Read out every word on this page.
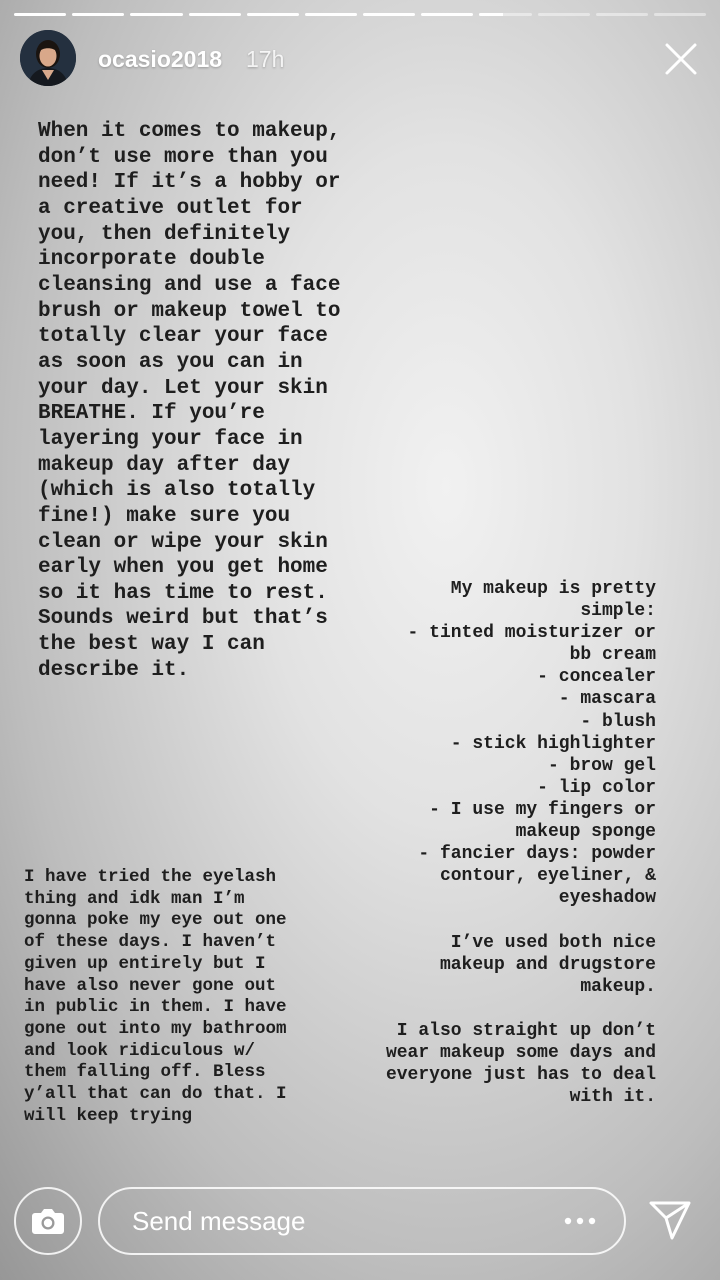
ocasio2018 17h
When it comes to makeup,
don’t use more than you
need! If it’s a hobby or
a creative outlet for
you, then definitely
incorporate double
cleansing and use a face
brush or makeup towel to
totally clear your face
as soon as you can in
your day. Let your skin
BREATHE. If you’re
layering your face in
makeup day after day
(which is also totally
fine!) make sure you
clean or wipe your skin
early when you get home
so it has time to rest.
Sounds weird but that’s
the best way I can
describe it.
My makeup is pretty
simple:
- tinted moisturizer or
bb cream
- concealer
- mascara
- blush
- stick highlighter
- brow gel
- lip color
- I use my fingers or
makeup sponge
- fancier days: powder
contour, eyeliner, &
eyeshadow

I’ve used both nice
makeup and drugstore
makeup.

I also straight up don’t
wear makeup some days and
everyone just has to deal
with it.
I have tried the eyelash
thing and idk man I’m
gonna poke my eye out one
of these days. I haven’t
given up entirely but I
have also never gone out
in public in them. I have
gone out into my bathroom
and look ridiculous w/
them falling off. Bless
y’all that can do that. I
will keep trying
Send message
